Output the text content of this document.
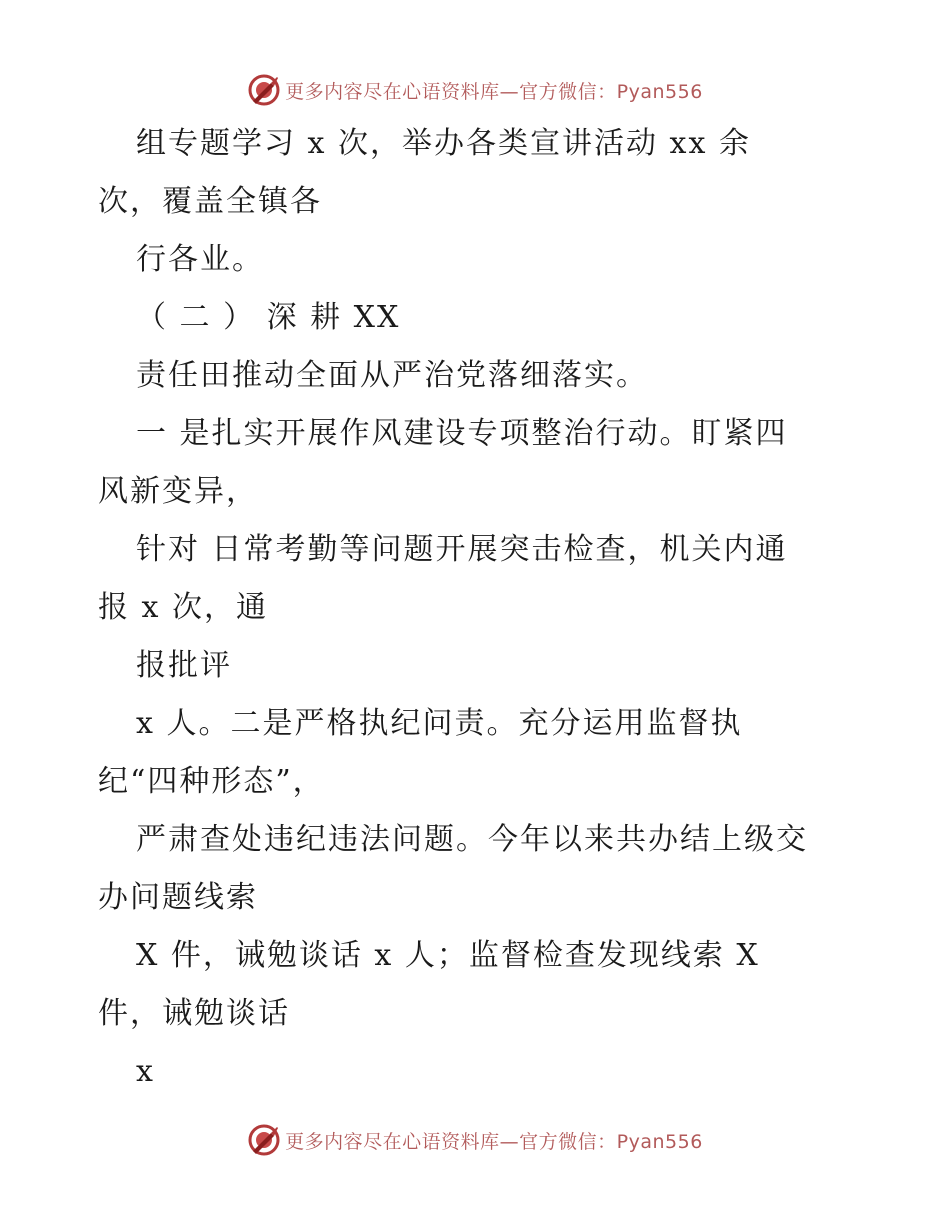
更多内容尽在心语资料库—官方微信：Pyan556
组专题学习 x 次，举办各类宣讲活动 xx 余
次，覆盖全镇各
行各业。
（ 二 ） 深 耕 XX
责任田推动全面从严治党落细落实。
一 是扎实开展作风建设专项整治行动。盯紧四
风新变异，
针对 日常考勤等问题开展突击检查，机关内通
报 x 次，通
报批评
x 人。二是严格执纪问责。充分运用监督执
纪“四种形态”，
严肃查处违纪违法问题。今年以来共办结上级交
办问题线索
X 件，诫勉谈话 x 人；监督检查发现线索 X
件，诫勉谈话
x
更多内容尽在心语资料库—官方微信：Pyan556
